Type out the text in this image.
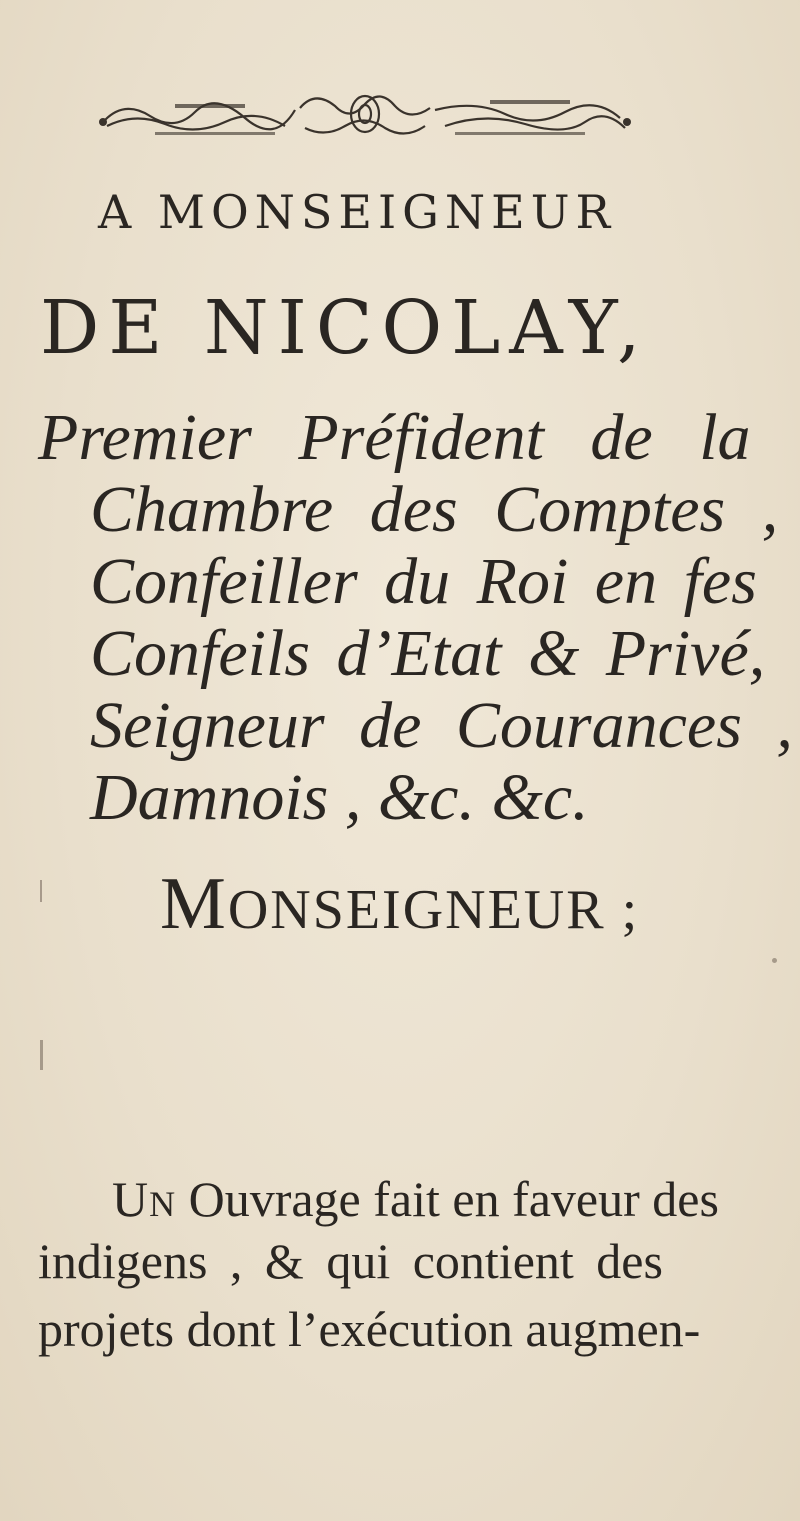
A MONSEIGNEUR
DE NICOLAY,
Premier Préfident de la
Chambre des Comptes ,
Confeiller du Roi en fes
Confeils d’Etat & Privé,
Seigneur de Courances ,
Damnois , &c. &c.
MONSEIGNEUR ;
UN Ouvrage fait en faveur des
indigens , & qui contient des
projets dont l’exécution augmen-
